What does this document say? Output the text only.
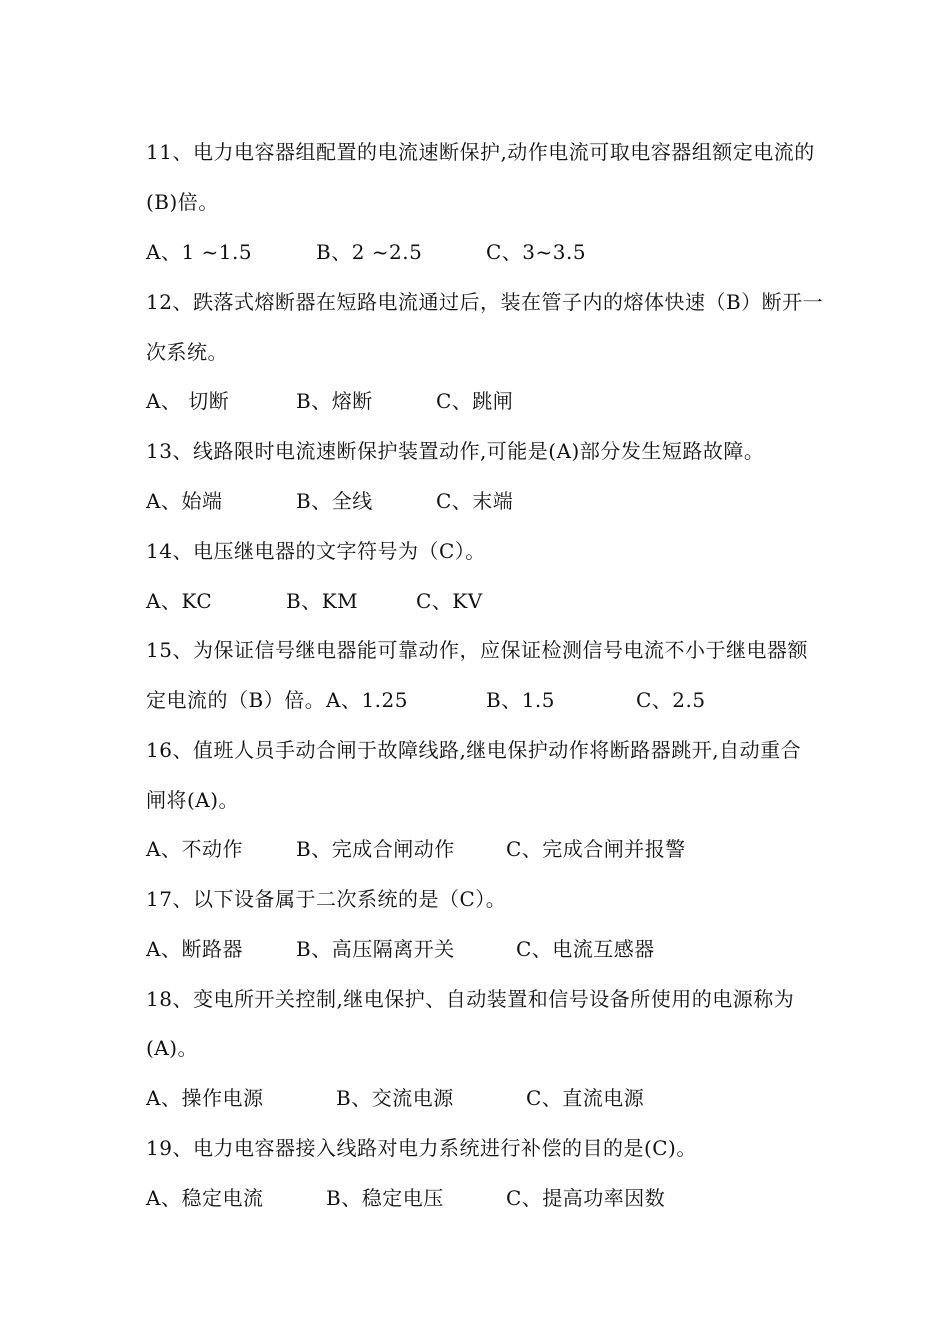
11、电力电容器组配置的电流速断保护,动作电流可取电容器组额定电流的
(B)倍。
A、1 ~1.5	B、2 ~2.5	C、3~3.5
12、跌落式熔断器在短路电流通过后，装在管子内的熔体快速（B）断开一
次系统。
A、 切断	B、熔断	C、跳闸
13、线路限时电流速断保护装置动作,可能是(A)部分发生短路故障。
A、始端	B、全线	C、末端
14、电压继电器的文字符号为（C）。
A、KC	B、KM	C、KV
15、为保证信号继电器能可靠动作，应保证检测信号电流不小于继电器额
定电流的（B）倍。 A、1.25	B、1.5	C、2.5
16、值班人员手动合闸于故障线路,继电保护动作将断路器跳开,自动重合
闸将(A)。
A、不动作	B、完成合闸动作	C、完成合闸并报警
17、以下设备属于二次系统的是（C）。
A、断路器	B、高压隔离开关	C、电流互感器
18、变电所开关控制,继电保护、自动装置和信号设备所使用的电源称为
(A)。
A、操作电源	B、交流电源	C、直流电源
19、电力电容器接入线路对电力系统进行补偿的目的是(C)。
A、稳定电流	B、稳定电压	C、提高功率因数
